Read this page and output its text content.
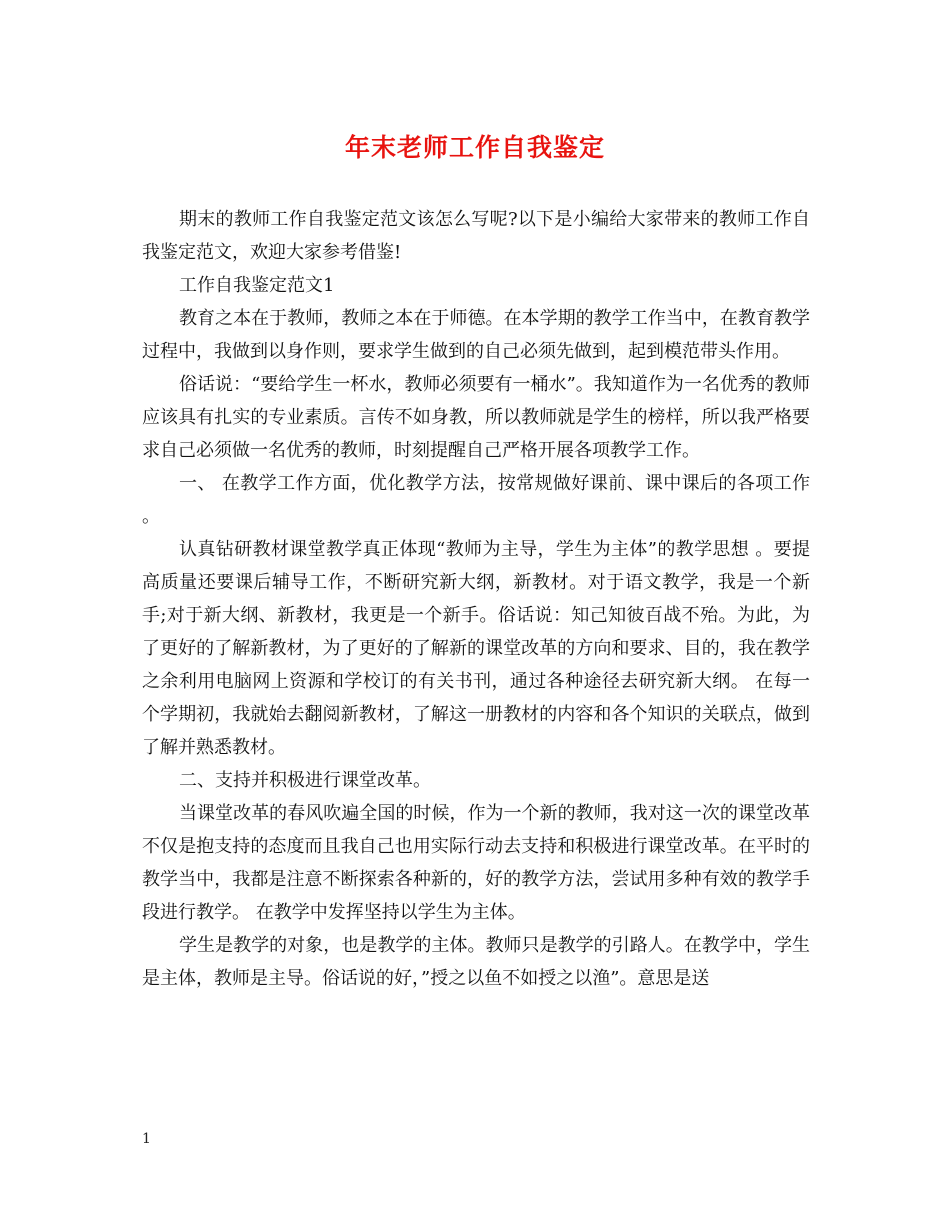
年末老师工作自我鉴定

期末的教师工作自我鉴定范文该怎么写呢?以下是小编给大家带来的教师工作自我鉴定范文，欢迎大家参考借鉴!

工作自我鉴定范文1

教育之本在于教师，教师之本在于师德。在本学期的教学工作当中，在教育教学过程中，我做到以身作则，要求学生做到的自己必须先做到，起到模范带头作用。

俗话说：“要给学生一杯水，教师必须要有一桶水”。我知道作为一名优秀的教师应该具有扎实的专业素质。言传不如身教，所以教师就是学生的榜样，所以我严格要求自己必须做一名优秀的教师，时刻提醒自己严格开展各项教学工作。

一、 在教学工作方面，优化教学方法，按常规做好课前、课中课后的各项工作 。

认真钻研教材课堂教学真正体现“教师为主导，学生为主体”的教学思想 。要提高质量还要课后辅导工作，不断研究新大纲，新教材。对于语文教学，我是一个新手;对于新大纲、新教材，我更是一个新手。俗话说：知己知彼百战不殆。为此，为了更好的了解新教材，为了更好的了解新的课堂改革的方向和要求、目的，我在教学之余利用电脑网上资源和学校订的有关书刊，通过各种途径去研究新大纲。 在每一个学期初，我就始去翻阅新教材，了解这一册教材的内容和各个知识的关联点，做到了解并熟悉教材。

二、支持并积极进行课堂改革。

当课堂改革的春风吹遍全国的时候，作为一个新的教师，我对这一次的课堂改革不仅是抱支持的态度而且我自己也用实际行动去支持和积极进行课堂改革。在平时的教学当中，我都是注意不断探索各种新的，好的教学方法，尝试用多种有效的教学手段进行教学。 在教学中发挥坚持以学生为主体。

学生是教学的对象，也是教学的主体。教师只是教学的引路人。在教学中，学生是主体，教师是主导。俗话说的好，”授之以鱼不如授之以渔”。意思是送

1
